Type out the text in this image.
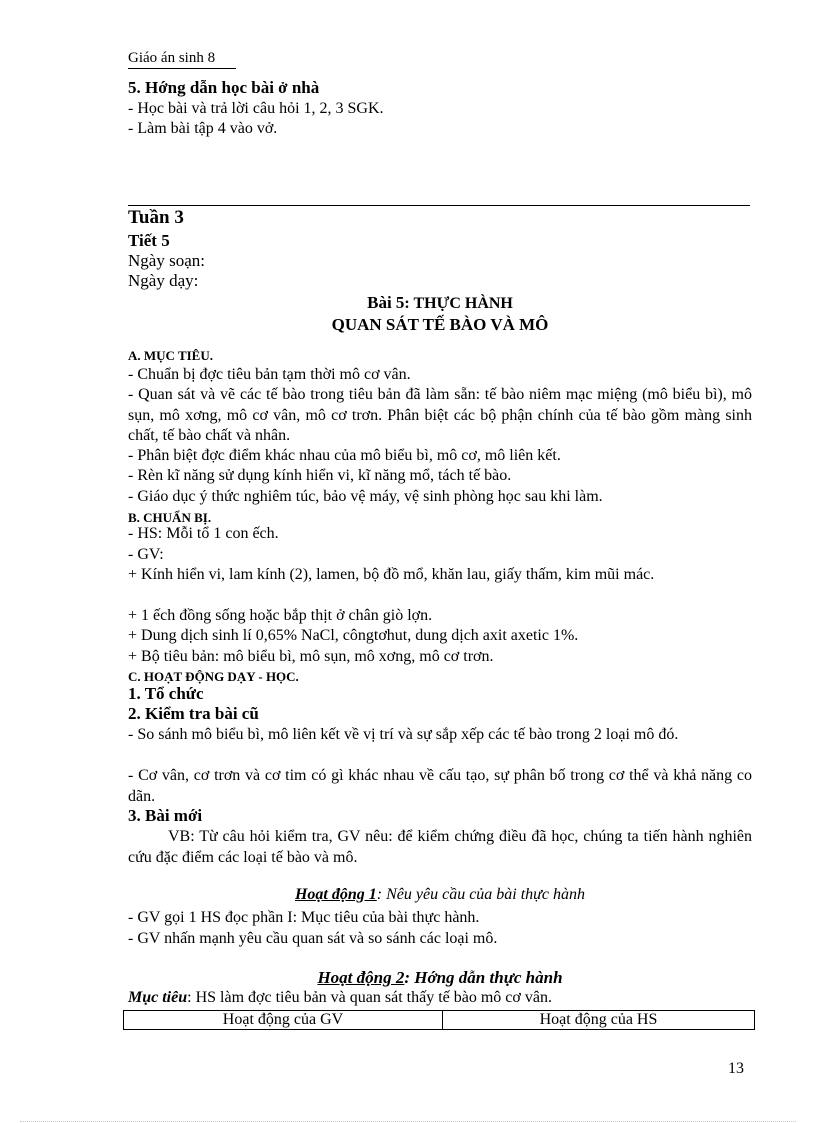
Giáo án sinh 8
5. Hớng dẫn học bài ở nhà
- Học bài và trả lời câu hỏi 1, 2, 3 SGK.
- Làm bài tập 4 vào vở.
Tuần 3
Tiết 5
Ngày soạn:
Ngày dạy:
Bài 5: THỰC HÀNH
QUAN SÁT TẾ BÀO VÀ MÔ
A. MỤC TIÊU.
- Chuẩn bị đợc tiêu bản tạm thời mô cơ vân.
- Quan sát và vẽ các tế bào trong tiêu bản đã làm sẵn: tế bào niêm mạc miệng (mô biểu bì), mô sụn, mô xơng, mô cơ vân, mô cơ trơn. Phân biệt các bộ phận chính của tế bào gồm màng sinh chất, tế bào chất và nhân.
- Phân biệt đợc điểm khác nhau của mô biểu bì, mô cơ, mô liên kết.
- Rèn kĩ năng sử dụng kính hiển vi, kĩ năng mổ, tách tế bào.
- Giáo dục ý thức nghiêm túc, bảo vệ máy, vệ sinh phòng học sau khi làm.
B. CHUẨN BỊ.
- HS: Mỗi tổ 1 con ếch.
- GV:
+ Kính hiển vi, lam kính (2), lamen, bộ đồ mổ, khăn lau, giấy thấm, kim mũi mác.
+ 1 ếch đồng sống hoặc bắp thịt ở chân giò lợn.
+ Dung dịch sinh lí 0,65% NaCl, côngtơhut, dung dịch axit axetic 1%.
+ Bộ tiêu bản: mô biểu bì, mô sụn, mô xơng, mô cơ trơn.
C. HOẠT ĐỘNG DẠY - HỌC.
1. Tổ chức
2. Kiểm tra bài cũ
- So sánh mô biểu bì, mô liên kết về vị trí và sự sắp xếp các tế bào trong 2 loại mô đó.
- Cơ vân, cơ trơn và cơ tim có gì khác nhau về cấu tạo, sự phân bố trong cơ thể và khả năng co dãn.
3. Bài mới
VB: Từ câu hỏi kiểm tra, GV nêu: để kiểm chứng điều đã học, chúng ta tiến hành nghiên cứu đặc điểm các loại tế bào và mô.
Hoạt động 1: Nêu yêu cầu của bài thực hành
- GV gọi 1 HS đọc phần I: Mục tiêu của bài thực hành.
- GV nhấn mạnh yêu cầu quan sát và so sánh các loại mô.
Hoạt động 2: Hớng dẫn thực hành
Mục tiêu: HS làm đợc tiêu bản và quan sát thấy tế bào mô cơ vân.
Hoạt động của GV	Hoạt động của HS
13
